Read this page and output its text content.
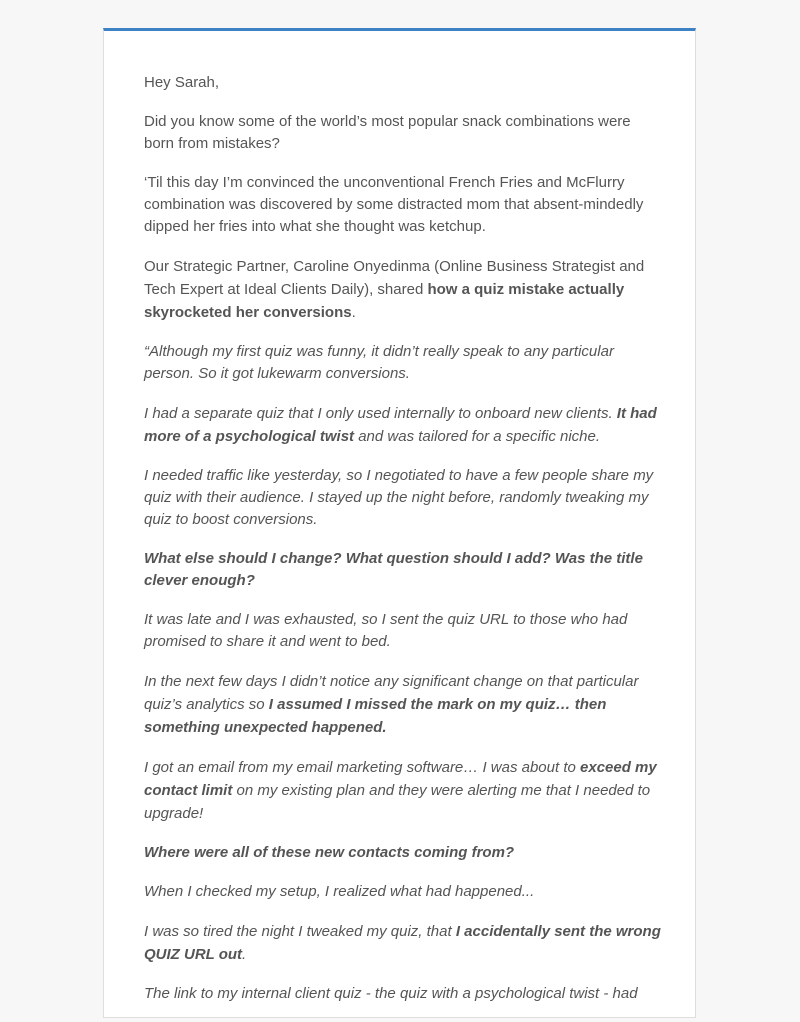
Hey Sarah,

Did you know some of the world’s most popular snack combinations were born from mistakes?

‘Til this day I’m convinced the unconventional French Fries and McFlurry combination was discovered by some distracted mom that absent-mindedly dipped her fries into what she thought was ketchup.

Our Strategic Partner, Caroline Onyedinma (Online Business Strategist and Tech Expert at Ideal Clients Daily), shared how a quiz mistake actually skyrocketed her conversions.

“Although my first quiz was funny, it didn’t really speak to any particular person. So it got lukewarm conversions.

I had a separate quiz that I only used internally to onboard new clients. It had more of a psychological twist and was tailored for a specific niche.

I needed traffic like yesterday, so I negotiated to have a few people share my quiz with their audience. I stayed up the night before, randomly tweaking my quiz to boost conversions.

What else should I change? What question should I add? Was the title clever enough?

It was late and I was exhausted, so I sent the quiz URL to those who had promised to share it and went to bed.

In the next few days I didn’t notice any significant change on that particular quiz’s analytics so I assumed I missed the mark on my quiz… then something unexpected happened.

I got an email from my email marketing software… I was about to exceed my contact limit on my existing plan and they were alerting me that I needed to upgrade!

Where were all of these new contacts coming from?

When I checked my setup, I realized what had happened...

I was so tired the night I tweaked my quiz, that I accidentally sent the wrong QUIZ URL out.

The link to my internal client quiz - the quiz with a psychological twist - had
